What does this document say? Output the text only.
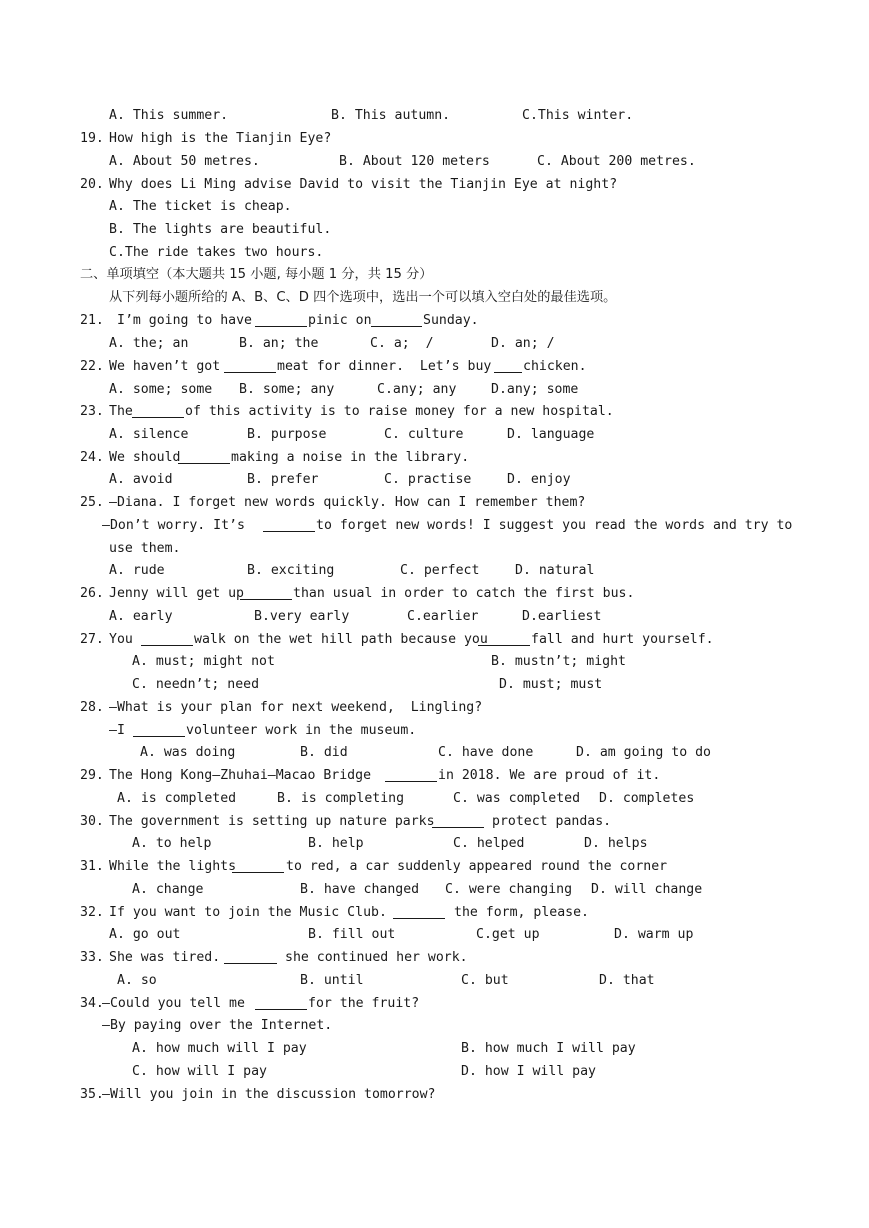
A. This summer.	B. This autumn.	C.This winter.
19. How high is the Tianjin Eye?
A. About 50 metres.	B. About 120 meters	C. About 200 metres.
20. Why does Li Ming advise David to visit the Tianjin Eye at night?
A. The ticket is cheap.
B. The lights are beautiful.
C.The ride takes two hours.
二、单项填空（本大题共 15 小题, 每小题 1 分，共 15 分）
从下列每小题所给的 A、B、C、D 四个选项中，选出一个可以填入空白处的最佳选项。
21. I’m going to have	pinic on	Sunday.
A. the; an	B. an; the	C. a;  /	D. an; /
22. We haven’t got	meat for dinner.  Let’s buy chicken.
A. some; some B. some; any	C.any; any	D.any; some
23. The	of this activity is to raise money for a new hospital.
A. silence	B. purpose	C. culture	D. language
24. We should	making a noise in the library.
A. avoid	B. prefer	C. practise	D. enjoy
25. —Diana. I forget new words quickly. How can I remember them?
—Don’t worry. It’s	to forget new words! I suggest you read the words and try to
use them.
A. rude	B. exciting	C. perfect	D. natural
26. Jenny will get up	than usual in order to catch the first bus.
A. early	B.very early	C.earlier	D.earliest
27. You	walk on the wet hill path because you	fall and hurt yourself.
A. must; might not	B. mustn’t; might
C. needn’t; need	D. must; must
28. —What is your plan for next weekend,  Lingling?
—I	volunteer work in the museum.
A. was doing	B. did	C. have done	D. am going to do
29. The Hong Kong—Zhuhai—Macao Bridge	in 2018. We are proud of it.
A. is completed	B. is completing	C. was completed D. completes
30. The government is setting up nature parks	protect pandas.
A. to help	B. help	C. helped	D. helps
31. While the lights	to red, a car suddenly appeared round the corner
A. change	B. have changed C. were changing D. will change
32. If you want to join the Music Club.	the form, please.
A. go out	B. fill out	C.get up	D. warm up
33. She was tired.	she continued her work.
A. so	B. until	C. but	D. that
34.
—Could you tell me	for the fruit?
—By paying over the Internet.
A. how much will I pay	B. how much I will pay
C. how will I pay	D. how I will pay
35.
—Will you join in the discussion tomorrow?
